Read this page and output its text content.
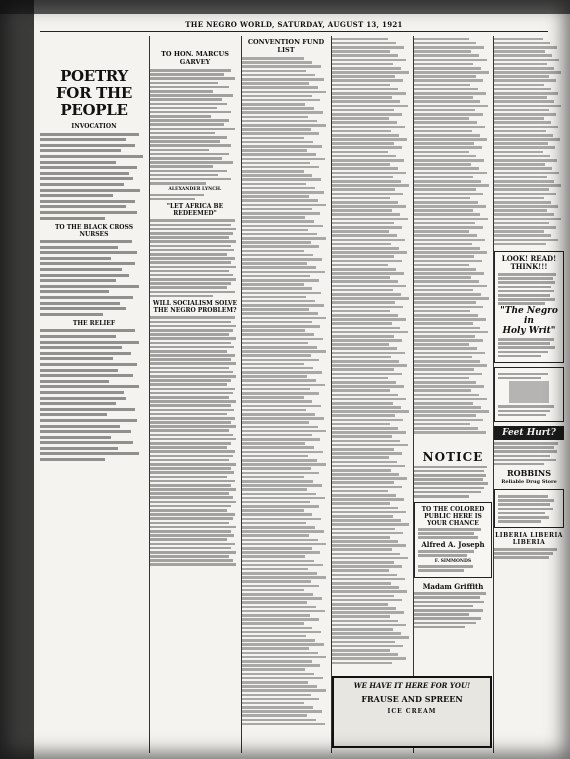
THE NEGRO WORLD, SATURDAY, AUGUST 13, 1921
POETRY FOR THE PEOPLE
INVOCATION
TO THE BLACK CROSS NURSES
THE RELIEF
TO HON. MARCUS GARVEY
ALEXANDER LYNCH.
"LET AFRICA BE REDEEMED"
WILL SOCIALISM SOLVE THE NEGRO PROBLEM?
CONVENTION FUND LIST
NOTICE
TO THE COLORED PUBLIC HERE IS YOUR CHANCE
Alfred A. Joseph
F. SIMMONDS
Madam Griffith
LOOK! READ! THINK!!!
"The Negro in
Holy Writ"
Feet Hurt?
ROBBINS
Reliable Drug Store
LIBERIA LIBERIA LIBERIA
WE HAVE IT HERE FOR YOU!
FRAUSE AND SPREEN
ICE CREAM
